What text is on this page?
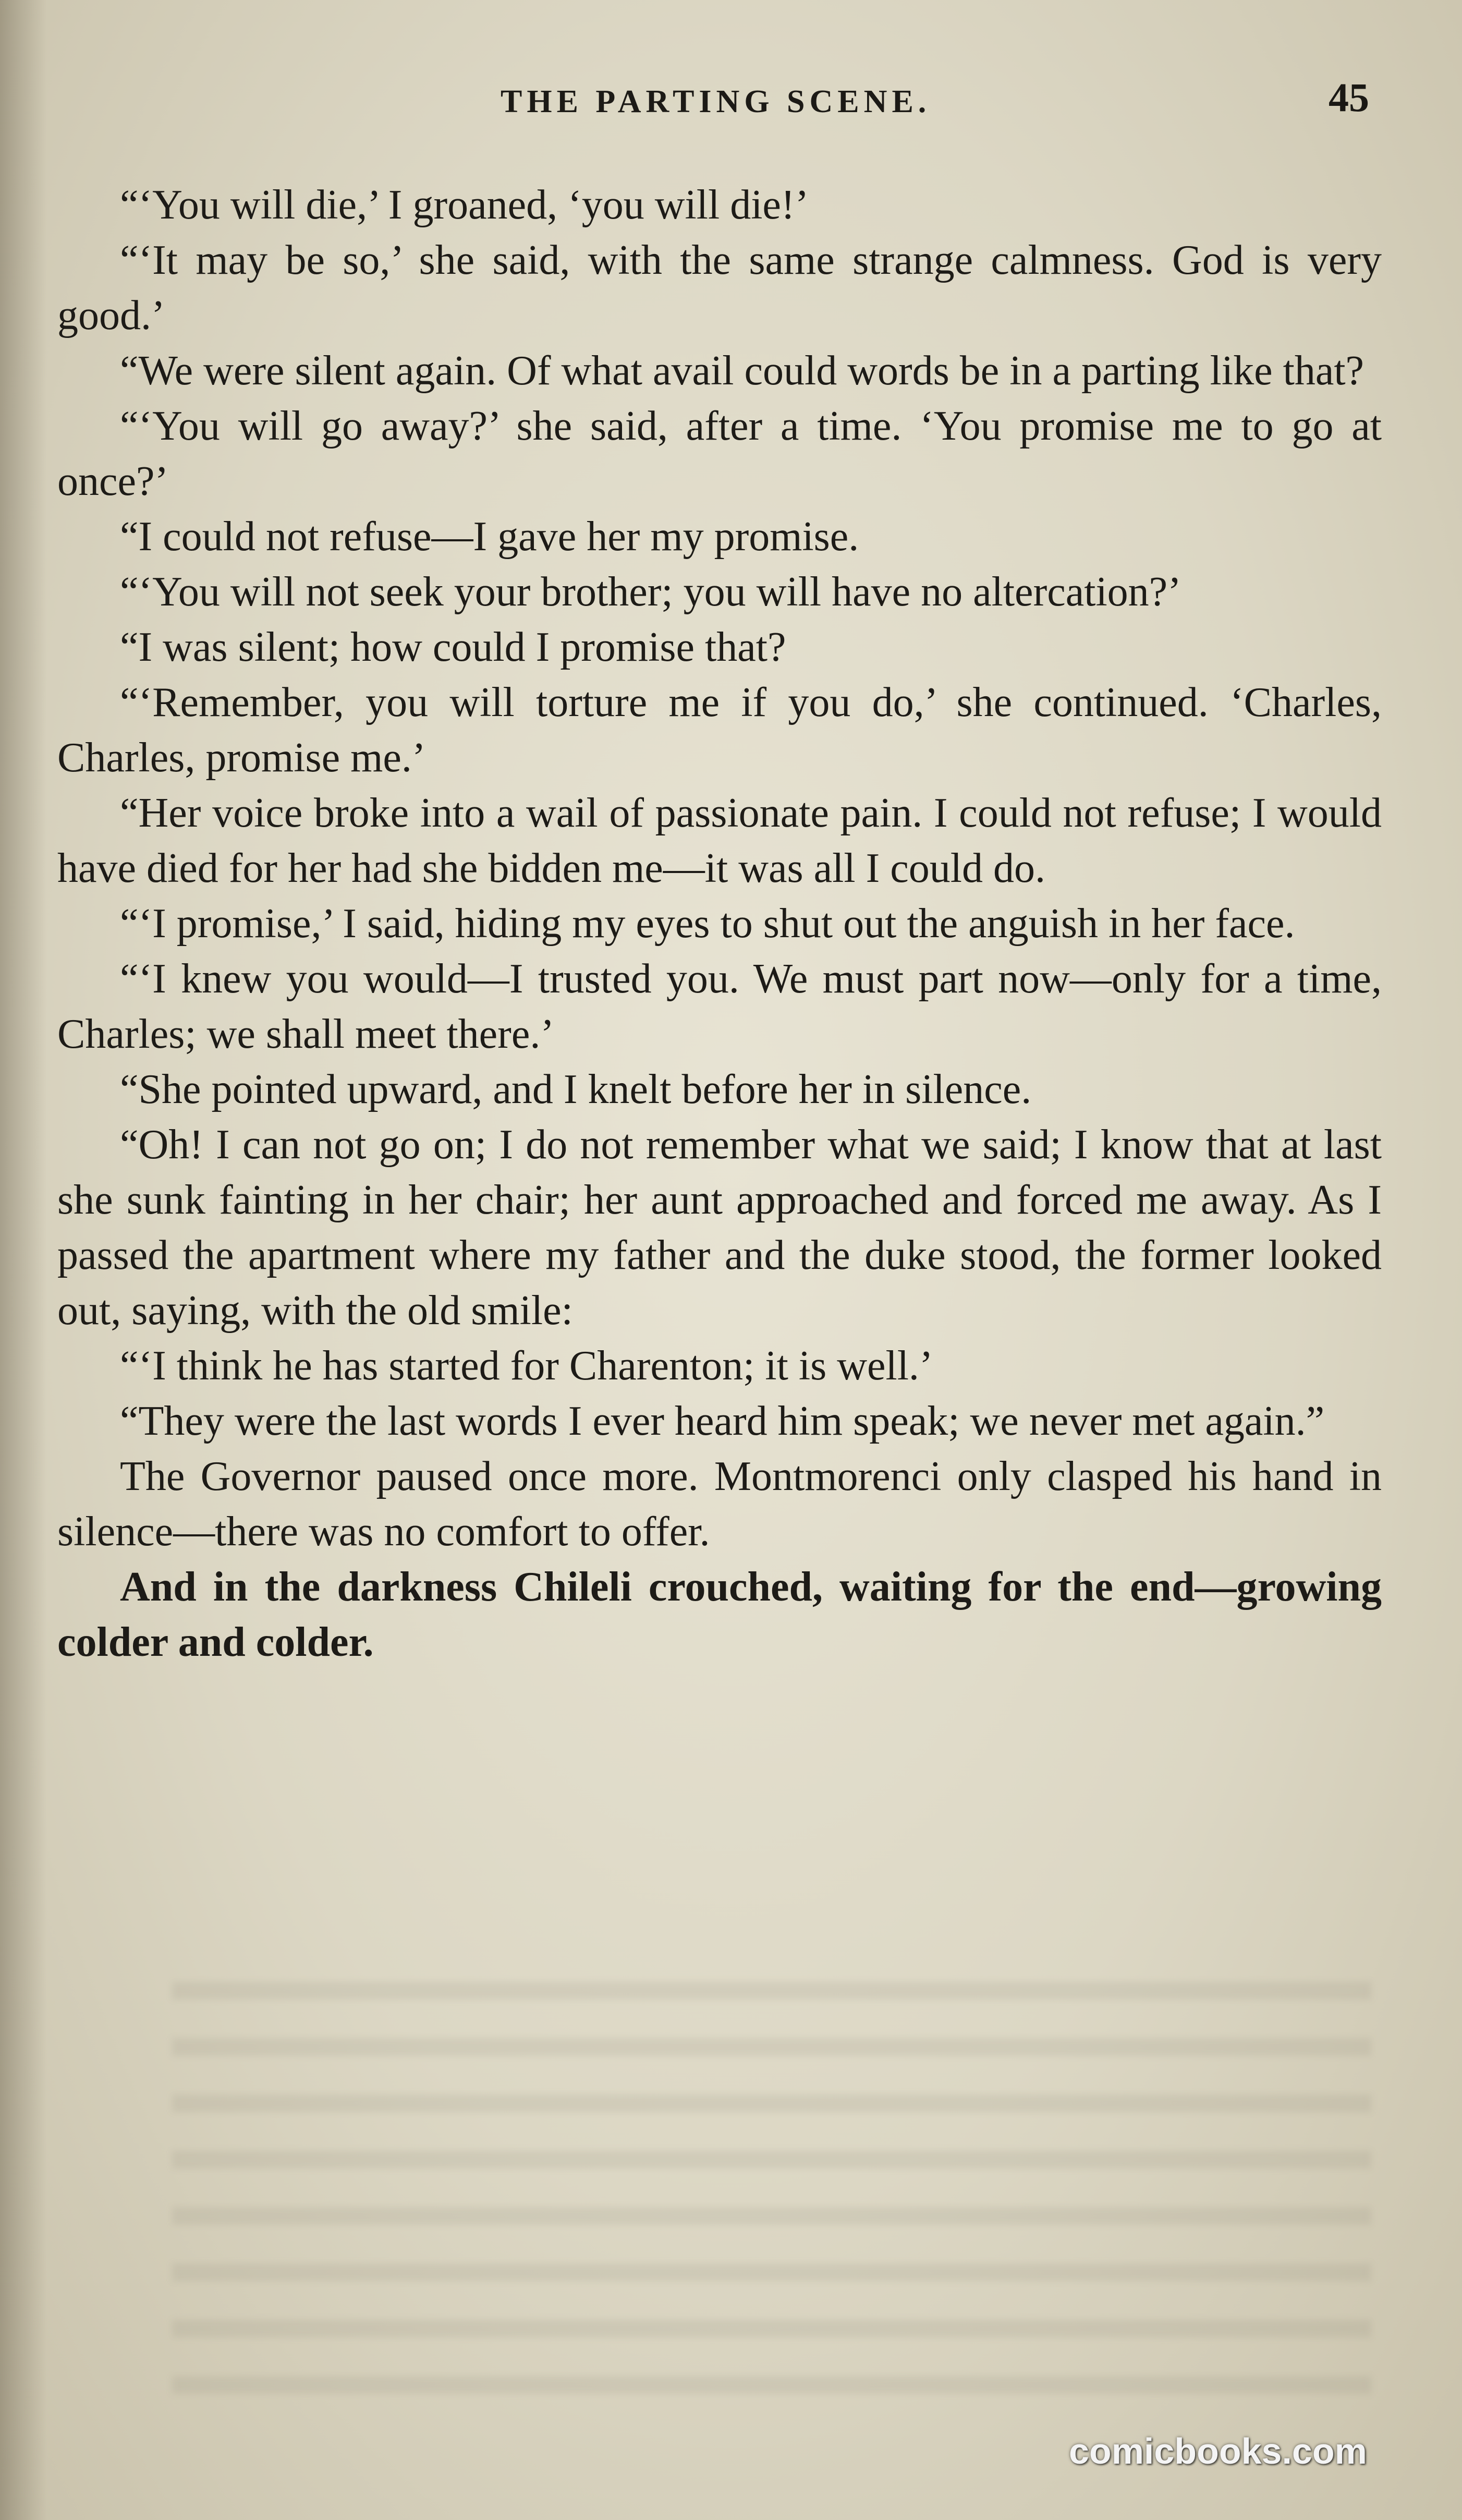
THE PARTING SCENE.	45

“‘You will die,’ I groaned, ‘you will die!’

“‘It may be so,’ she said, with the same strange calmness. God is very good.’

“We were silent again. Of what avail could words be in a parting like that?

“‘You will go away?’ she said, after a time. ‘You promise me to go at once?’

“I could not refuse—I gave her my promise.

“‘You will not seek your brother; you will have no altercation?’

“I was silent; how could I promise that?

“‘Remember, you will torture me if you do,’ she continued. ‘Charles, Charles, promise me.’

“Her voice broke into a wail of passionate pain. I could not refuse; I would have died for her had she bidden me—it was all I could do.

“‘I promise,’ I said, hiding my eyes to shut out the anguish in her face.

“‘I knew you would—I trusted you. We must part now—only for a time, Charles; we shall meet there.’

“She pointed upward, and I knelt before her in silence.

“Oh! I can not go on; I do not remember what we said; I know that at last she sunk fainting in her chair; her aunt approached and forced me away. As I passed the apartment where my father and the duke stood, the former looked out, saying, with the old smile:

“‘I think he has started for Charenton; it is well.’

“They were the last words I ever heard him speak; we never met again.”

The Governor paused once more. Montmorenci only clasped his hand in silence—there was no comfort to offer.

And in the darkness Chileli crouched, waiting for the end—growing colder and colder.

comicbooks.com
